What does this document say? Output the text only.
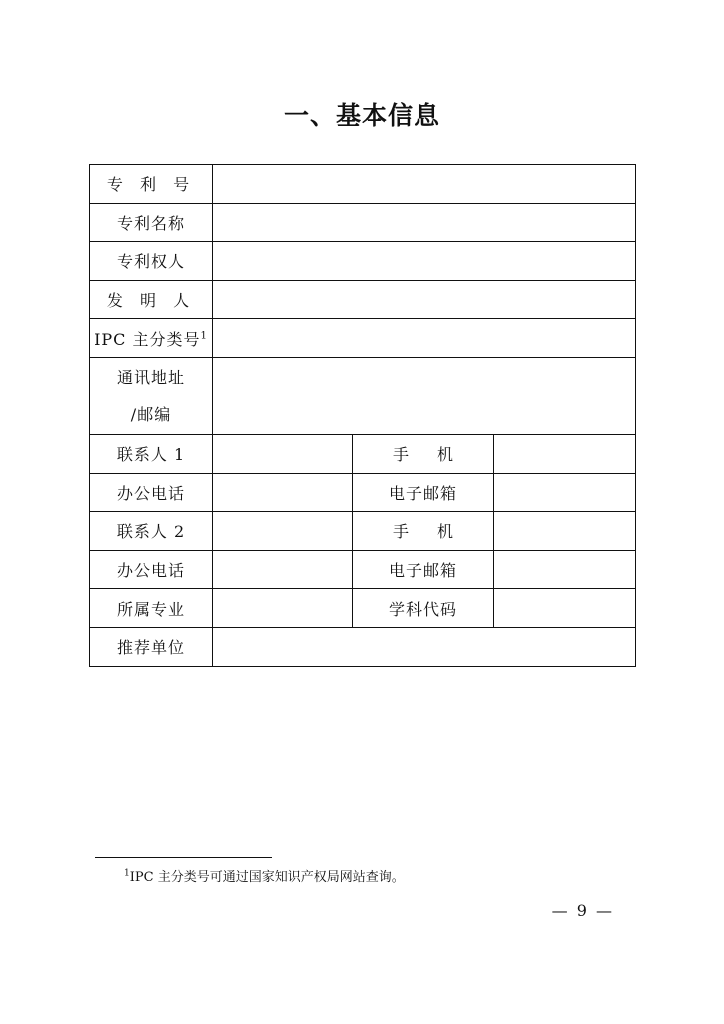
一、基本信息
专 利 号			
专利名称			
专利权人			
发 明 人			
IPC 主分类号$^1$	

通讯地址
/邮编			

联系人 1		手机	
办公电话		电子邮箱	
联系人 2		手机	
办公电话		电子邮箱	
所属专业		学科代码	
推荐单位			
$^1$IPC 主分类号可通过国家知识产权局网站查询。
— 9 —
